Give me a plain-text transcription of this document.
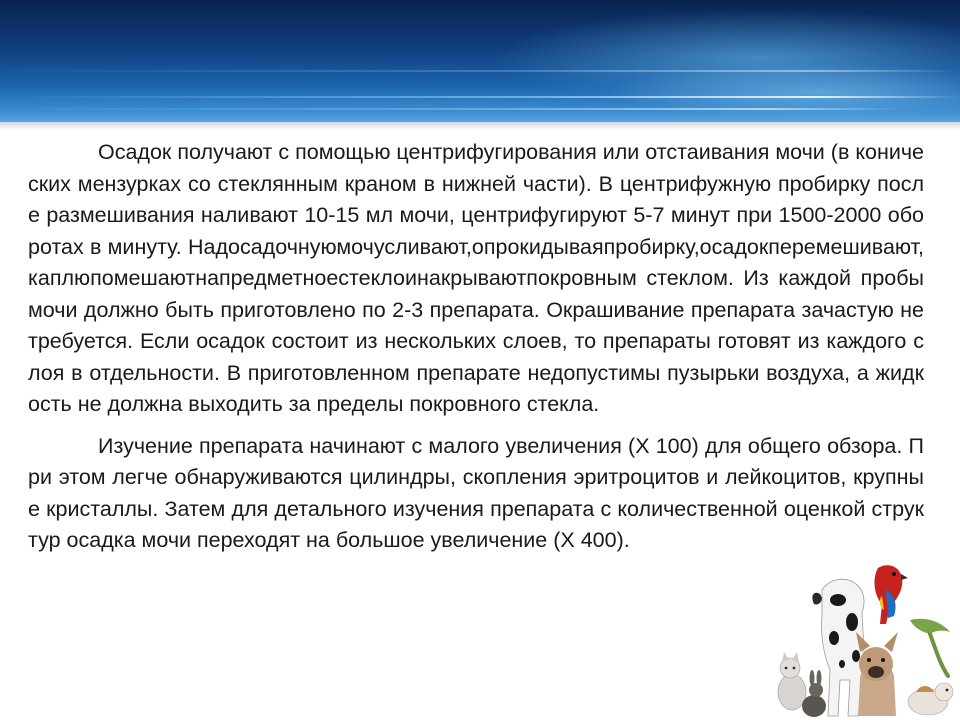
Осадок получают с помощью центрифугирования или отстаивания мочи (в конических мензурках со стеклянным краном в нижней части). В центрифужную пробирку после размешивания наливают 10-15 мл мочи, центрифугируют 5-7 минут при 1500-2000 оборотах в минуту. Надосадочнуюмочусливают,опрокидываяпробирку,осадокперемешивают,каплюпомешаютнапредметноестеклоинакрываютпокровным стеклом. Из каждой пробы мочи должно быть приготовлено по 2-3 препарата. Окрашивание препарата зачастую не требуется. Если осадок состоит из нескольких слоев, то препараты готовят из каждого слоя в отдельности. В приготовленном препарате недопустимы пузырьки воздуха, а жидкость не должна выходить за пределы покровного стекла.

Изучение препарата начинают с малого увеличения (Х 100) для общего обзора. При этом легче обнаруживаются цилиндры, скопления эритроцитов и лейкоцитов, крупные кристаллы. Затем для детального изучения препарата с количественной оценкой структур осадка мочи переходят на большое увеличение (Х 400).
